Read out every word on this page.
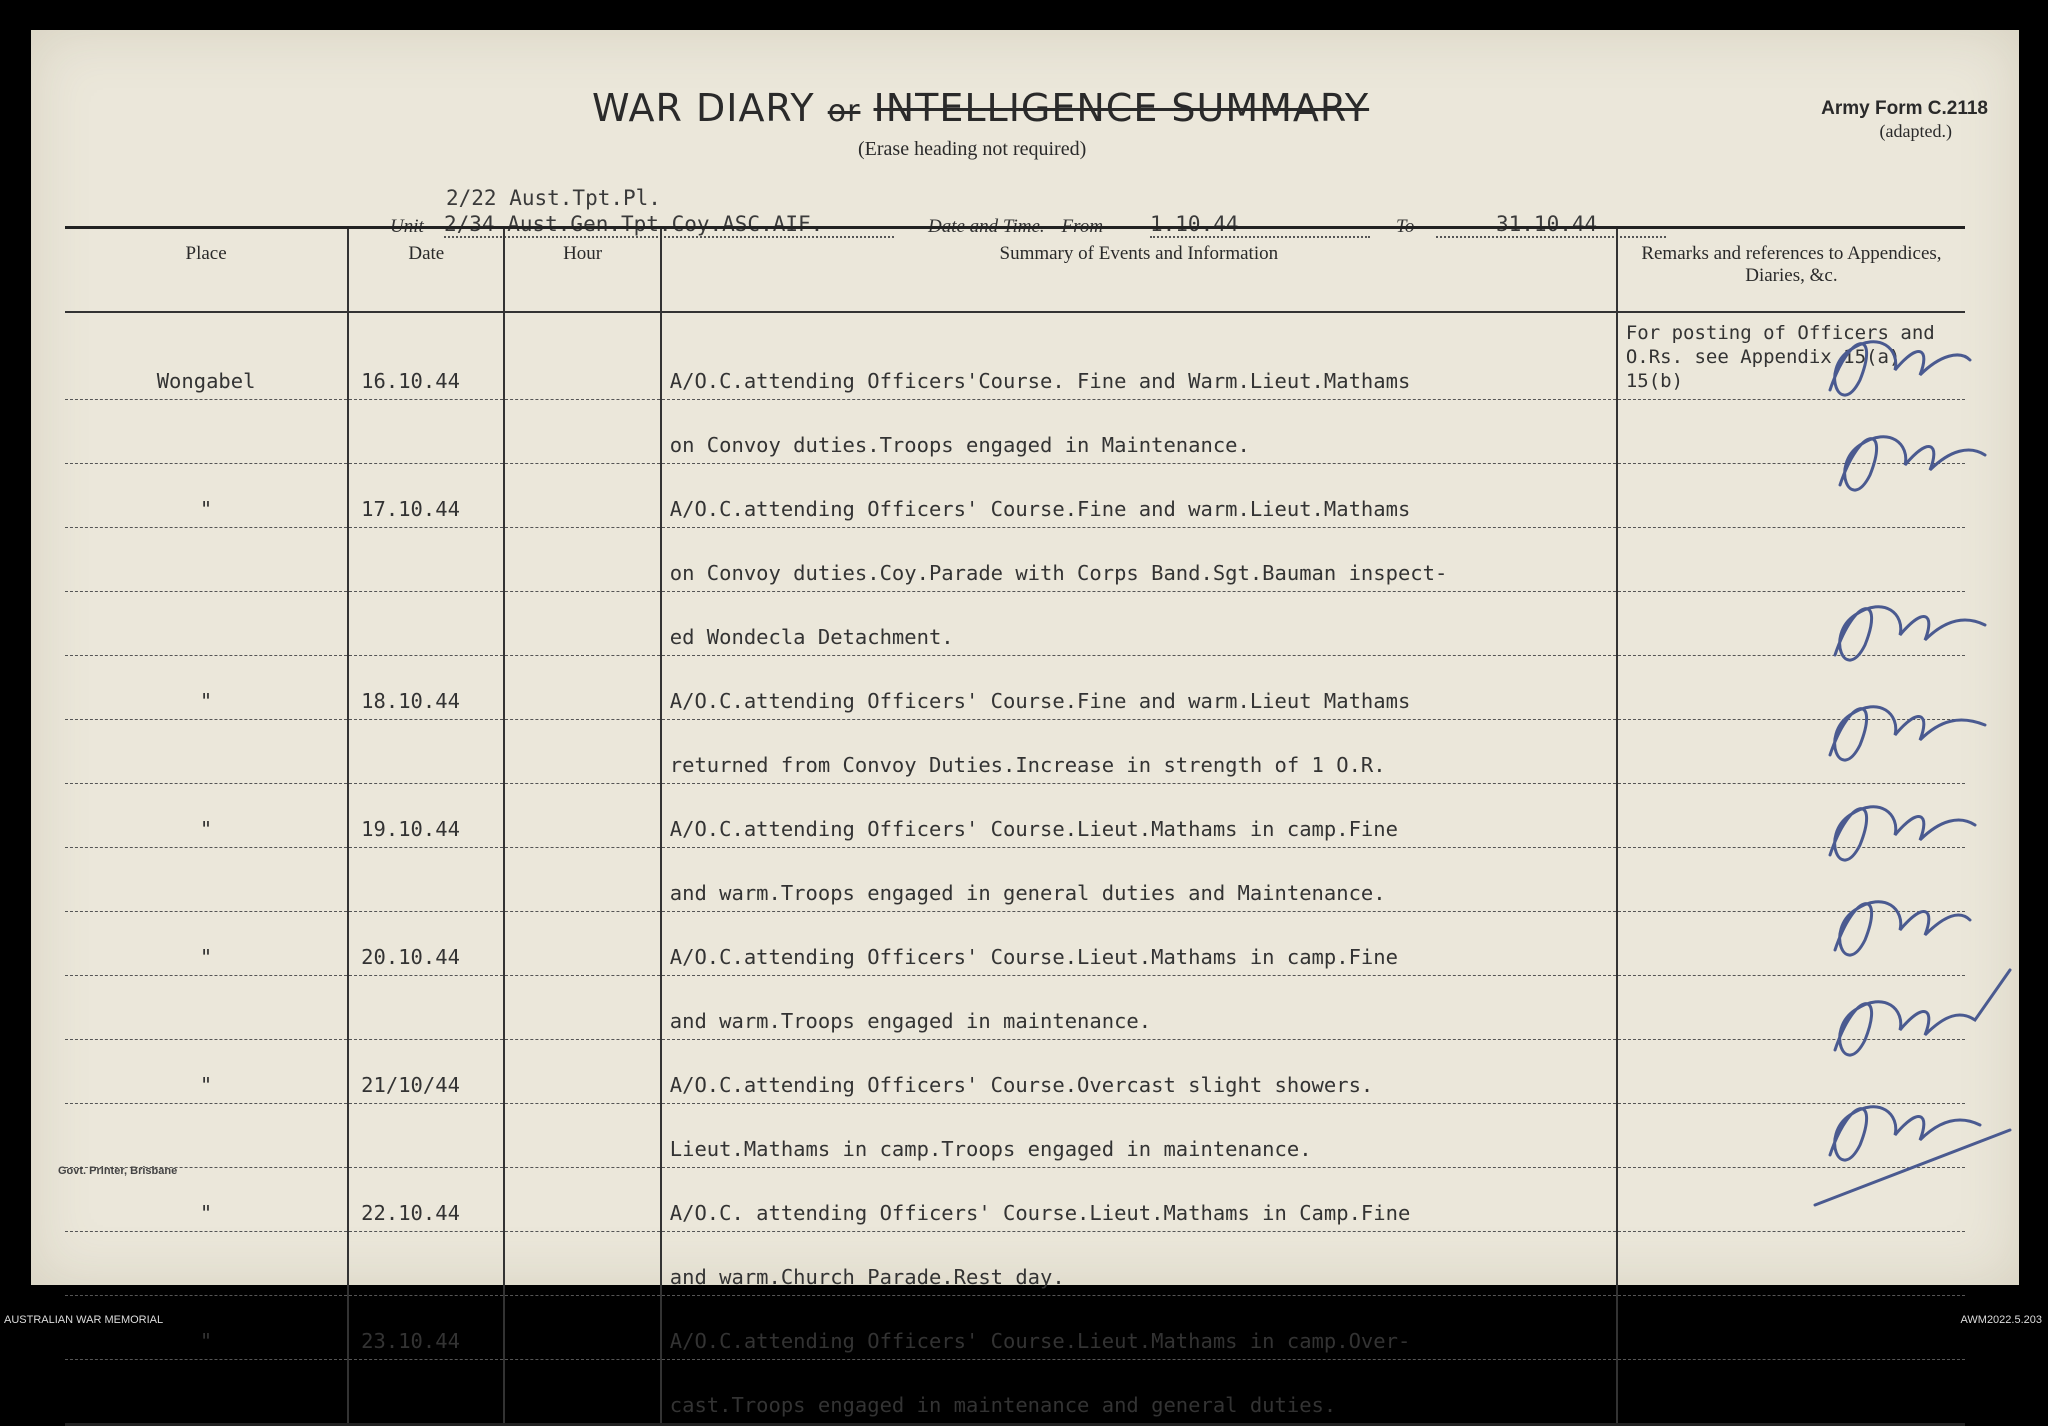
WAR DIARY or INTELLIGENCE SUMMARY
(Erase heading not required)
Army Form C.2118
(adapted.)
2/22 Aust.Tpt.Pl.
Unit 2/34 Aust.Gen.Tpt.Coy.ASC.AIF.	Date and Time.—From 1.10.44	To	31.10.44
Place	Date	Hour	Summary of Events and Information	Remarks and references to Appendices, Diaries, &c.
Wongabel	16.10.44		A/O.C.attending Officers'Course. Fine and Warm.Lieut.Mathams	For posting of Officers and O.Rs. see Appendix 15(a) 15(b)
			on Convoy duties.Troops engaged in Maintenance.	
"	17.10.44		A/O.C.attending Officers' Course.Fine and warm.Lieut.Mathams	
			on Convoy duties.Coy.Parade with Corps Band.Sgt.Bauman inspect-	
			ed Wondecla Detachment.	
"	18.10.44		A/O.C.attending Officers' Course.Fine and warm.Lieut Mathams	
			returned from Convoy Duties.Increase in strength of 1 O.R.	
"	19.10.44		A/O.C.attending Officers' Course.Lieut.Mathams in camp.Fine	
			and warm.Troops engaged in general duties and Maintenance.	
"	20.10.44		A/O.C.attending Officers' Course.Lieut.Mathams in camp.Fine	
			and warm.Troops engaged in maintenance.	
"	21/10/44		A/O.C.attending Officers' Course.Overcast slight showers.	
			Lieut.Mathams in camp.Troops engaged in maintenance.	
"	22.10.44		A/O.C. attending Officers' Course.Lieut.Mathams in Camp.Fine	
			and warm.Church Parade.Rest day.	
"	23.10.44		A/O.C.attending Officers' Course.Lieut.Mathams in camp.Over-	
			cast.Troops engaged in maintenance and general duties.	
Govt. Printer, Brisbane
AUSTRALIAN WAR MEMORIAL	AWM2022.5.203
